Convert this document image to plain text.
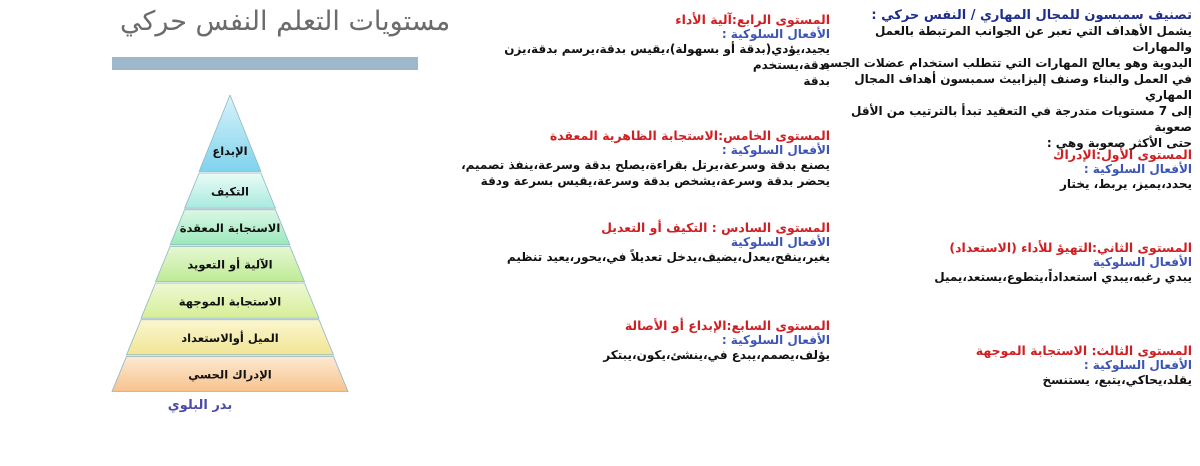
مستويات التعلم النفس حركي
الإبداع
التكيف
الاستجابة المعقدة
الآلية أو التعويد
الاستجابة الموجهة
الميل أوالاستعداد
الإدراك الحسي
بدر البلوي
تصنيف سمبسون للمجال المهاري / النفس حركي :
يشمل الأهداف التي تعبر عن الجوانب المرتبطة بالعمل والمهارات
اليدوية وهو يعالج المهارات التي تتطلب استخدام عضلات الجسم
في العمل والبناء وصنف إليزابيث سمبسون أهداف المجال المهاري
إلى 7 مستويات متدرجة في التعقيد تبدأ بالترتيب من الأقل صعوبة
حتى الأكثر صعوبة وهي :
المستوى الأول:الإدراك
الأفعال السلوكية :
يحدد،يميز، يربط، يختار
المستوى الثاني:التهيؤ للأداء (الاستعداد)
الأفعال السلوكية
يبدي رغبه،يبدي استعداداً،يتطوع،يستعد،يميل
المستوى الثالث: الاستجابة الموجهة
الأفعال السلوكية :
يقلد،يحاكي،يتبع، يستنسخ
المستوى الرابع:آلية الأداء
الأفعال السلوكية :
يجيد،يؤدي(بدقة أو بسهولة)،يقيس بدقة،يرسم بدقة،يزن بدقة،يستخدم
بدقة
المستوى الخامس:الاستجابة الظاهرية المعقدة
الأفعال السلوكية :
يصنع بدقة وسرعة،يرتل بقراءة،يصلح بدقة وسرعة،ينفذ تصميم،
يحضر بدقة وسرعة،يشخص بدقة وسرعة،يقيس بسرعة ودقة
المستوى السادس : التكيف أو التعديل
الأفعال السلوكية
يغير،ينقح،يعدل،يضيف،يدخل تعديلاً في،يحور،يعيد تنظيم
المستوى السابع:الإبداع أو الأصالة
الأفعال السلوكية :
يؤلف،يصمم،يبدع في،ينشئ،يكون،يبتكر
